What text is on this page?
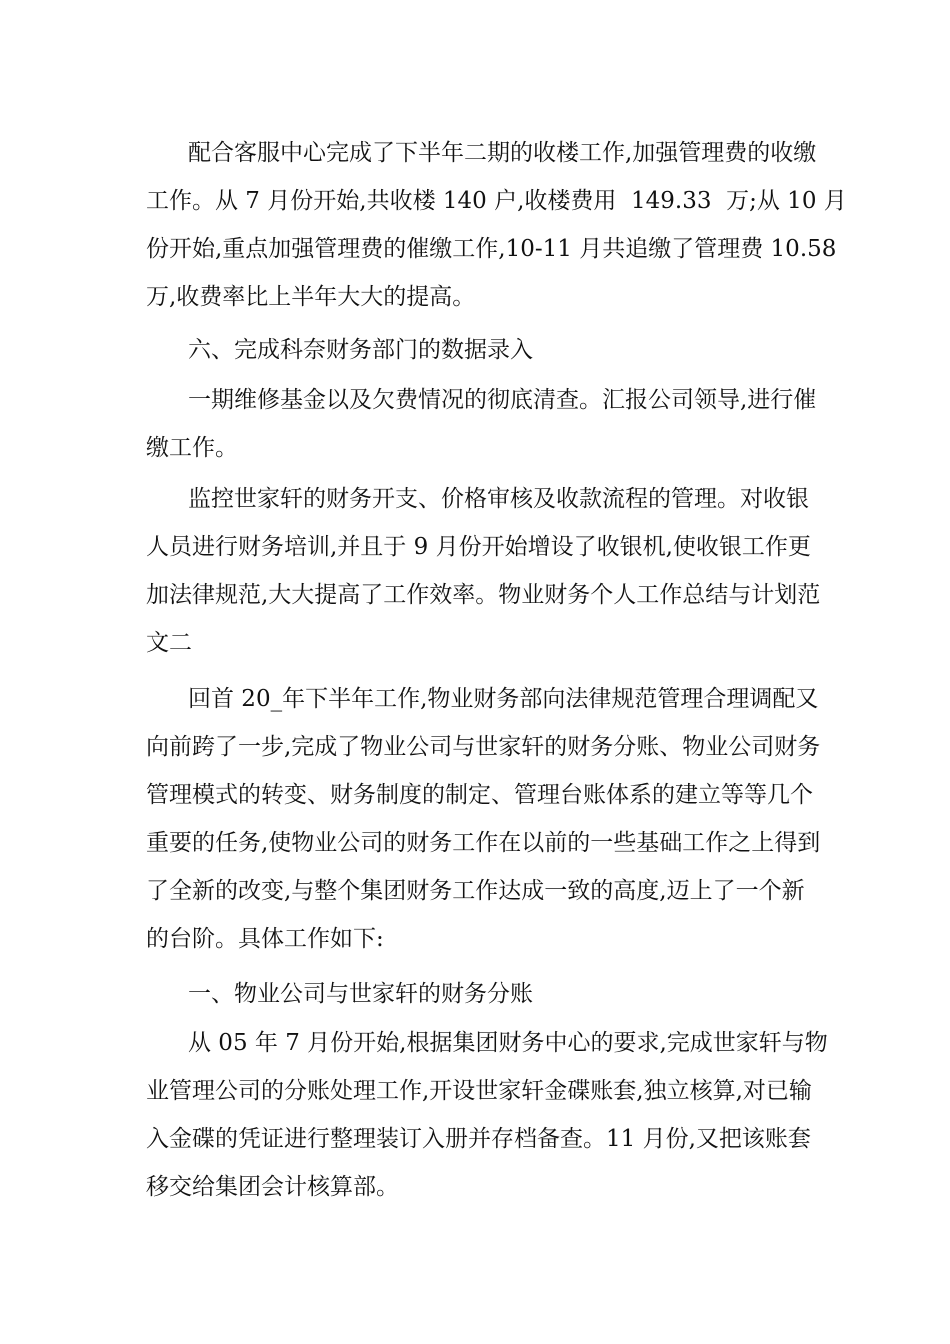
配合客服中心完成了下半年二期的收楼工作,加强管理费的收缴
工作。从 7 月份开始,共收楼 140 户,收楼费用  149.33  万;从 10 月
份开始,重点加强管理费的催缴工作,10-11 月共追缴了管理费 10.58
万,收费率比上半年大大的提高。
六、完成科奈财务部门的数据录入
一期维修基金以及欠费情况的彻底清查。汇报公司领导,进行催
缴工作。
监控世家轩的财务开支、价格审核及收款流程的管理。对收银
人员进行财务培训,并且于 9 月份开始增设了收银机,使收银工作更
加法律规范,大大提高了工作效率。物业财务个人工作总结与计划范
文二
回首 20_年下半年工作,物业财务部向法律规范管理合理调配又
向前跨了一步,完成了物业公司与世家轩的财务分账、物业公司财务
管理模式的转变、财务制度的制定、管理台账体系的建立等等几个
重要的任务,使物业公司的财务工作在以前的一些基础工作之上得到
了全新的改变,与整个集团财务工作达成一致的高度,迈上了一个新
的台阶。具体工作如下:
一、物业公司与世家轩的财务分账
从 05 年 7 月份开始,根据集团财务中心的要求,完成世家轩与物
业管理公司的分账处理工作,开设世家轩金碟账套,独立核算,对已输
入金碟的凭证进行整理装订入册并存档备查。11 月份,又把该账套
移交给集团会计核算部。
